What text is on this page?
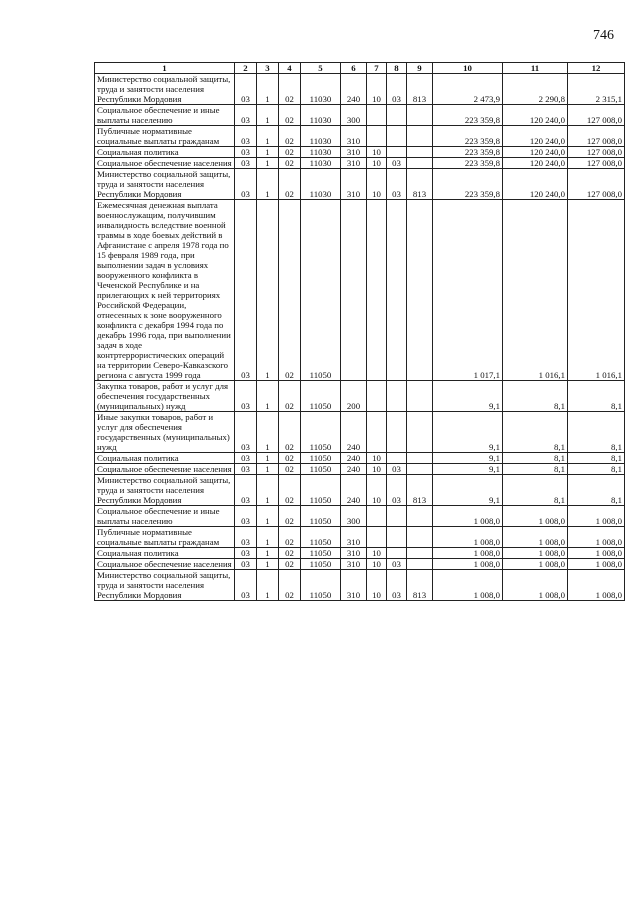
746
1	2	3	4	5	6	7	8	9	10	11	12
Министерство социальной защиты, труда и занятости населения Республики Мордовия	03	1	02	11030	240	10	03	813	2 473,9	2 290,8	2 315,1
Социальное обеспечение и иные выплаты населению	03	1	02	11030	300				223 359,8	120 240,0	127 008,0
Публичные нормативные социальные выплаты гражданам	03	1	02	11030	310				223 359,8	120 240,0	127 008,0
Социальная политика	03	1	02	11030	310	10			223 359,8	120 240,0	127 008,0
Социальное обеспечение населения	03	1	02	11030	310	10	03		223 359,8	120 240,0	127 008,0
Министерство социальной защиты, труда и занятости населения Республики Мордовия	03	1	02	11030	310	10	03	813	223 359,8	120 240,0	127 008,0
Ежемесячная денежная выплата военнослужащим, получившим инвалидность вследствие военной травмы в ходе боевых действий в Афганистане с апреля 1978 года по 15 февраля 1989 года, при выполнении задач в условиях вооруженного конфликта в Чеченской Республике и на прилегающих к ней территориях Российской Федерации, отнесенных к зоне вооруженного конфликта с декабря 1994 года по декабрь 1996 года, при выполнении задач в ходе контртеррористических операций на территории Северо-Кавказского региона с августа 1999 года	03	1	02	11050					1 017,1	1 016,1	1 016,1
Закупка товаров, работ и услуг для обеспечения государственных (муниципальных) нужд	03	1	02	11050	200				9,1	8,1	8,1
Иные закупки товаров, работ и услуг для обеспечения государственных (муниципальных) нужд	03	1	02	11050	240				9,1	8,1	8,1
Социальная политика	03	1	02	11050	240	10			9,1	8,1	8,1
Социальное обеспечение населения	03	1	02	11050	240	10	03		9,1	8,1	8,1
Министерство социальной защиты, труда и занятости населения Республики Мордовия	03	1	02	11050	240	10	03	813	9,1	8,1	8,1
Социальное обеспечение и иные выплаты населению	03	1	02	11050	300				1 008,0	1 008,0	1 008,0
Публичные нормативные социальные выплаты гражданам	03	1	02	11050	310				1 008,0	1 008,0	1 008,0
Социальная политика	03	1	02	11050	310	10			1 008,0	1 008,0	1 008,0
Социальное обеспечение населения	03	1	02	11050	310	10	03		1 008,0	1 008,0	1 008,0
Министерство социальной защиты, труда и занятости населения Республики Мордовия	03	1	02	11050	310	10	03	813	1 008,0	1 008,0	1 008,0
